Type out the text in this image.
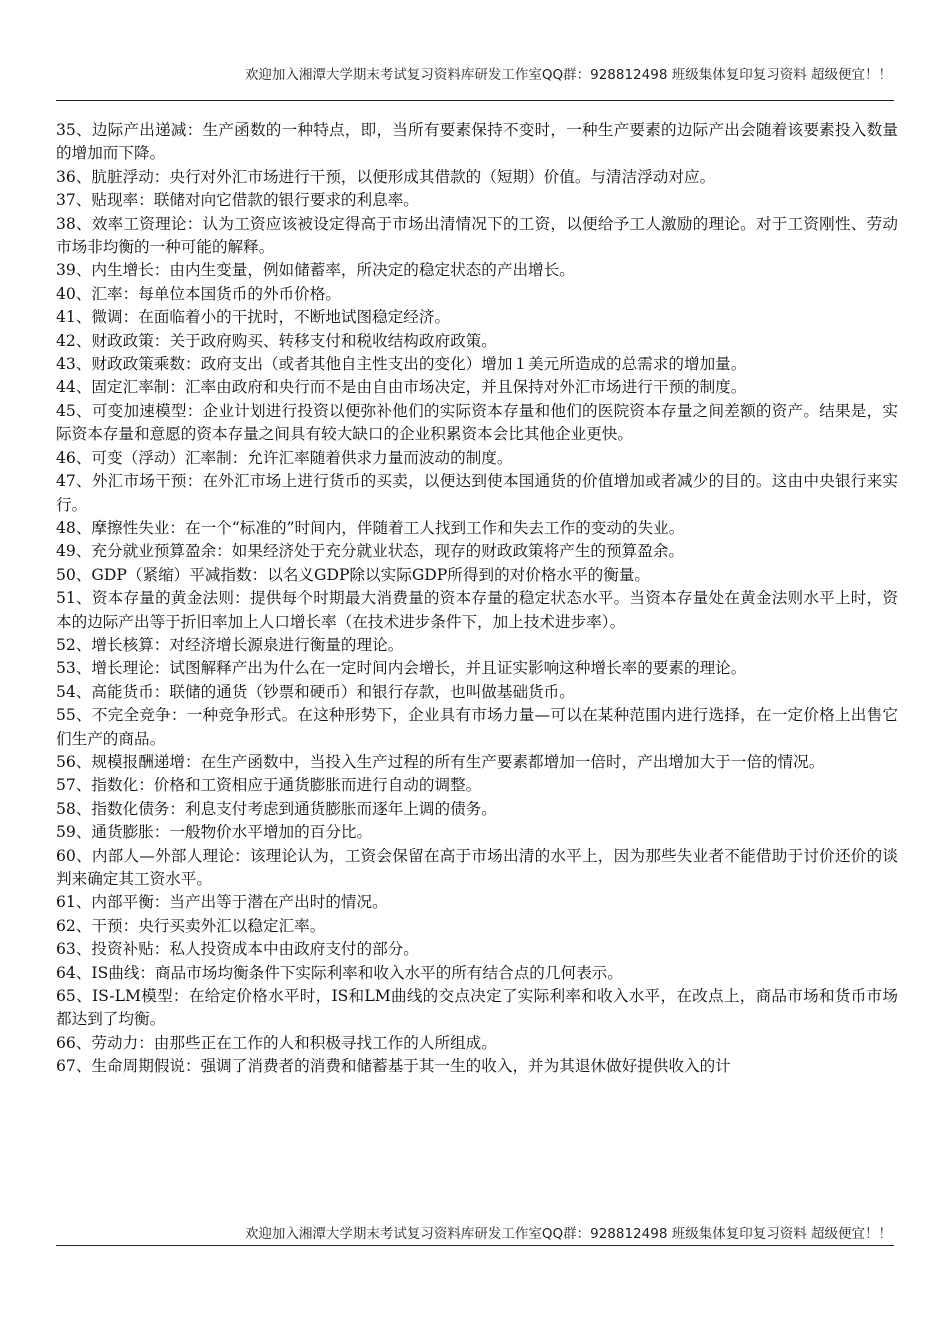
欢迎加入湘潭大学期末考试复习资料库研发工作室QQ群：928812498 班级集体复印复习资料 超级便宜！！
35、边际产出递减：生产函数的一种特点，即，当所有要素保持不变时，一种生产要素的边际产出会随着该要素投入数量的增加而下降。
36、肮脏浮动：央行对外汇市场进行干预，以便形成其借款的（短期）价值。与清洁浮动对应。
37、贴现率：联储对向它借款的银行要求的利息率。
38、效率工资理论：认为工资应该被设定得高于市场出清情况下的工资，以便给予工人激励的理论。对于工资刚性、劳动市场非均衡的一种可能的解释。
39、内生增长：由内生变量，例如储蓄率，所决定的稳定状态的产出增长。
40、汇率：每单位本国货币的外币价格。
41、微调：在面临着小的干扰时，不断地试图稳定经济。
42、财政政策：关于政府购买、转移支付和税收结构政府政策。
43、财政政策乘数：政府支出（或者其他自主性支出的变化）增加１美元所造成的总需求的增加量。
44、固定汇率制：汇率由政府和央行而不是由自由市场决定，并且保持对外汇市场进行干预的制度。
45、可变加速模型：企业计划进行投资以便弥补他们的实际资本存量和他们的医院资本存量之间差额的资产。结果是，实际资本存量和意愿的资本存量之间具有较大缺口的企业积累资本会比其他企业更快。
46、可变（浮动）汇率制：允许汇率随着供求力量而波动的制度。
47、外汇市场干预：在外汇市场上进行货币的买卖，以便达到使本国通货的价值增加或者减少的目的。这由中央银行来实行。
48、摩擦性失业：在一个“标准的”时间内，伴随着工人找到工作和失去工作的变动的失业。
49、充分就业预算盈余：如果经济处于充分就业状态，现存的财政政策将产生的预算盈余。
50、GDP（紧缩）平减指数：以名义GDP除以实际GDP所得到的对价格水平的衡量。
51、资本存量的黄金法则：提供每个时期最大消费量的资本存量的稳定状态水平。当资本存量处在黄金法则水平上时，资本的边际产出等于折旧率加上人口增长率（在技术进步条件下，加上技术进步率）。
52、增长核算：对经济增长源泉进行衡量的理论。
53、增长理论：试图解释产出为什么在一定时间内会增长，并且证实影响这种增长率的要素的理论。
54、高能货币：联储的通货（钞票和硬币）和银行存款，也叫做基础货币。
55、不完全竞争：一种竞争形式。在这种形势下，企业具有市场力量—可以在某种范围内进行选择，在一定价格上出售它们生产的商品。
56、规模报酬递增：在生产函数中，当投入生产过程的所有生产要素都增加一倍时，产出增加大于一倍的情况。
57、指数化：价格和工资相应于通货膨胀而进行自动的调整。
58、指数化债务：利息支付考虑到通货膨胀而逐年上调的债务。
59、通货膨胀：一般物价水平增加的百分比。
60、内部人—外部人理论：该理论认为，工资会保留在高于市场出清的水平上，因为那些失业者不能借助于讨价还价的谈判来确定其工资水平。
61、内部平衡：当产出等于潜在产出时的情况。
62、干预：央行买卖外汇以稳定汇率。
63、投资补贴：私人投资成本中由政府支付的部分。
64、IS曲线：商品市场均衡条件下实际利率和收入水平的所有结合点的几何表示。
65、IS-LM模型：在给定价格水平时，IS和LM曲线的交点决定了实际利率和收入水平，在改点上，商品市场和货币市场都达到了均衡。
66、劳动力：由那些正在工作的人和积极寻找工作的人所组成。
67、生命周期假说：强调了消费者的消费和储蓄基于其一生的收入，并为其退休做好提供收入的计
欢迎加入湘潭大学期末考试复习资料库研发工作室QQ群：928812498 班级集体复印复习资料 超级便宜！！
